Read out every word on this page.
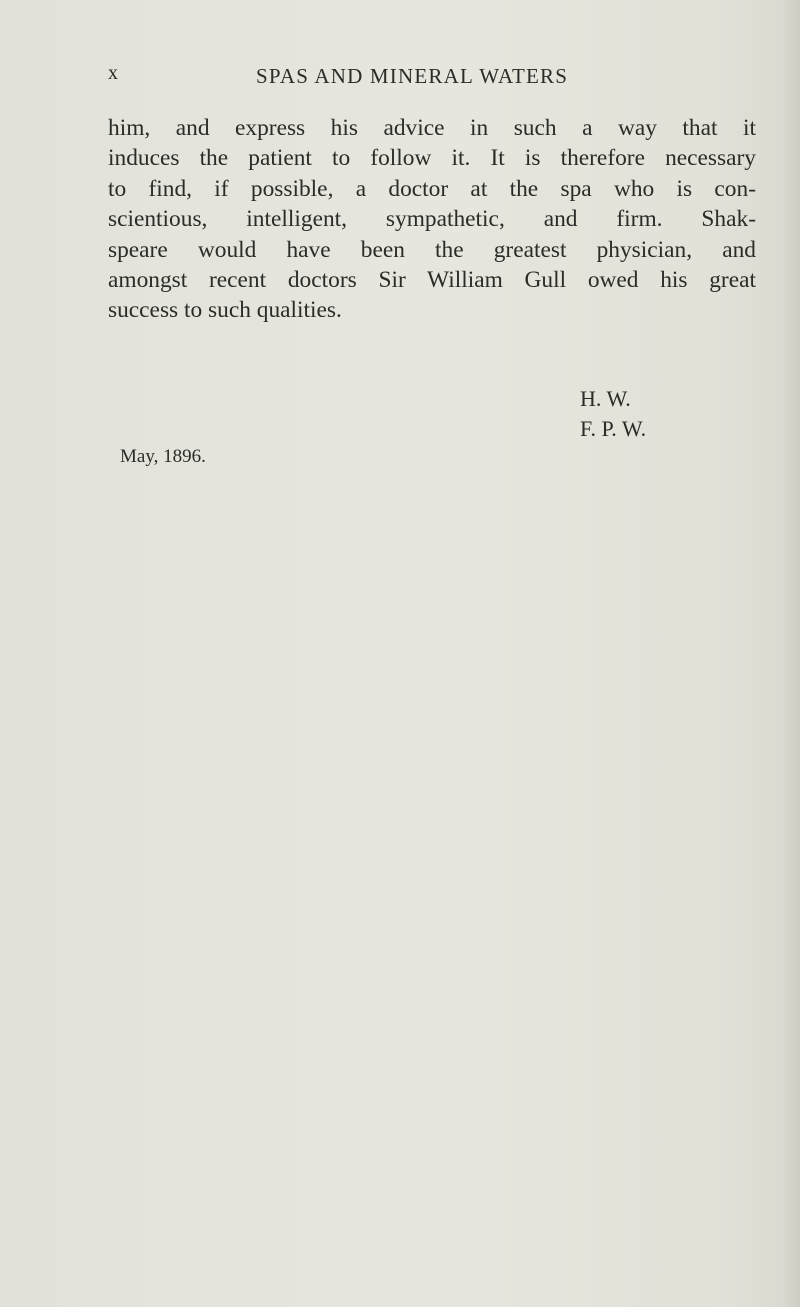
x	SPAS AND MINERAL WATERS
him, and express his advice in such a way that it
induces the patient to follow it. It is therefore necessary
to find, if possible, a doctor at the spa who is con-
scientious, intelligent, sympathetic, and firm. Shak-
speare would have been the greatest physician, and
amongst recent doctors Sir William Gull owed his great
success to such qualities.
H. W.
F. P. W.
May, 1896.
